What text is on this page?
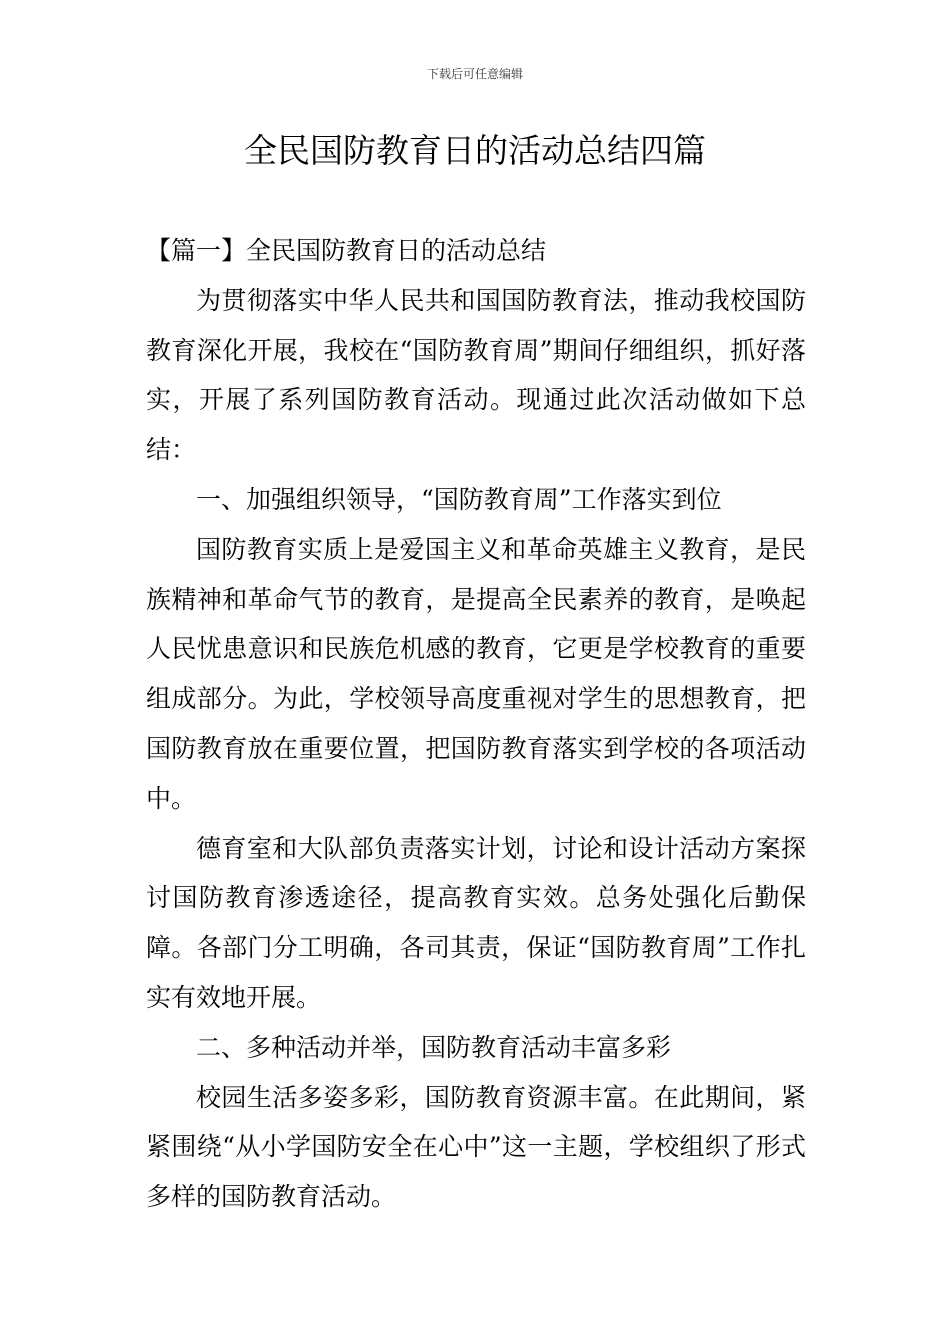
下载后可任意编辑
全民国防教育日的活动总结四篇

【篇一】全民国防教育日的活动总结

为贯彻落实中华人民共和国国防教育法，推动我校国防教育深化开展，我校在“国防教育周”期间仔细组织，抓好落实，开展了系列国防教育活动。现通过此次活动做如下总结：

一、加强组织领导，“国防教育周”工作落实到位

国防教育实质上是爱国主义和革命英雄主义教育，是民族精神和革命气节的教育，是提高全民素养的教育，是唤起人民忧患意识和民族危机感的教育，它更是学校教育的重要组成部分。为此，学校领导高度重视对学生的思想教育，把国防教育放在重要位置，把国防教育落实到学校的各项活动中。

德育室和大队部负责落实计划，讨论和设计活动方案探讨国防教育渗透途径，提高教育实效。总务处强化后勤保障。各部门分工明确，各司其责，保证“国防教育周”工作扎实有效地开展。

二、多种活动并举，国防教育活动丰富多彩

校园生活多姿多彩，国防教育资源丰富。在此期间，紧紧围绕“从小学国防安全在心中”这一主题，学校组织了形式多样的国防教育活动。
